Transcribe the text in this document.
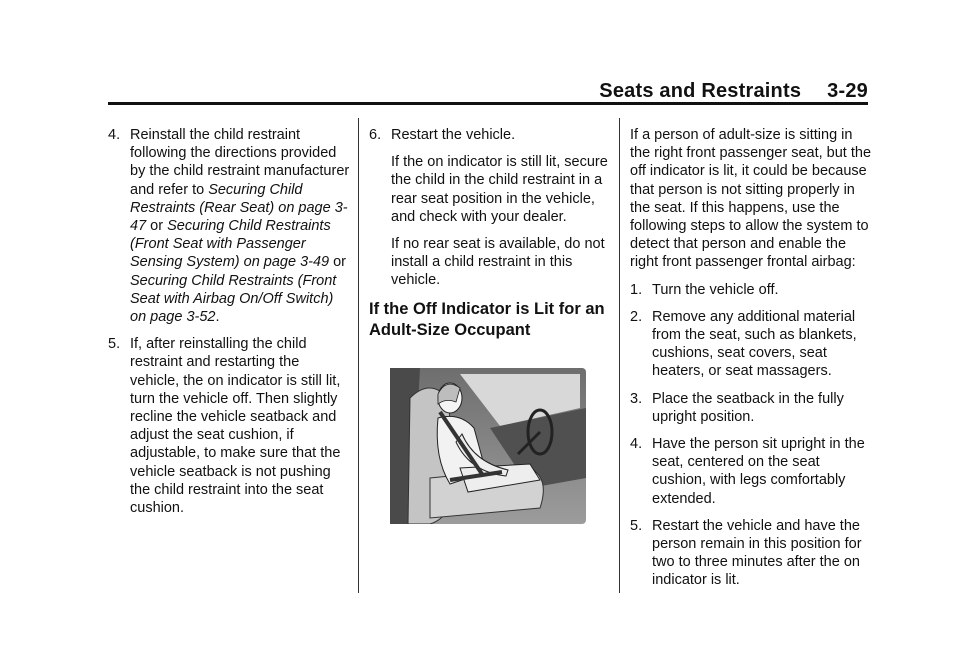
Seats and Restraints 3-29
4. Reinstall the child restraint following the directions provided by the child restraint manufacturer and refer to Securing Child Restraints (Rear Seat) on page 3-47 or Securing Child Restraints (Front Seat with Passenger Sensing System) on page 3-49 or Securing Child Restraints (Front Seat with Airbag On/Off Switch) on page 3-52.
5. If, after reinstalling the child restraint and restarting the vehicle, the on indicator is still lit, turn the vehicle off. Then slightly recline the vehicle seatback and adjust the seat cushion, if adjustable, to make sure that the vehicle seatback is not pushing the child restraint into the seat cushion.
6. Restart the vehicle.

If the on indicator is still lit, secure the child in the child restraint in a rear seat position in the vehicle, and check with your dealer.

If no rear seat is available, do not install a child restraint in this vehicle.

If the Off Indicator is Lit for an Adult-Size Occupant

If a person of adult-size is sitting in the right front passenger seat, but the off indicator is lit, it could be because that person is not sitting properly in the seat. If this happens, use the following steps to allow the system to detect that person and enable the right front passenger frontal airbag:

1. Turn the vehicle off.
2. Remove any additional material from the seat, such as blankets, cushions, seat covers, seat heaters, or seat massagers.
3. Place the seatback in the fully upright position.
4. Have the person sit upright in the seat, centered on the seat cushion, with legs comfortably extended.
5. Restart the vehicle and have the person remain in this position for two to three minutes after the on indicator is lit.
